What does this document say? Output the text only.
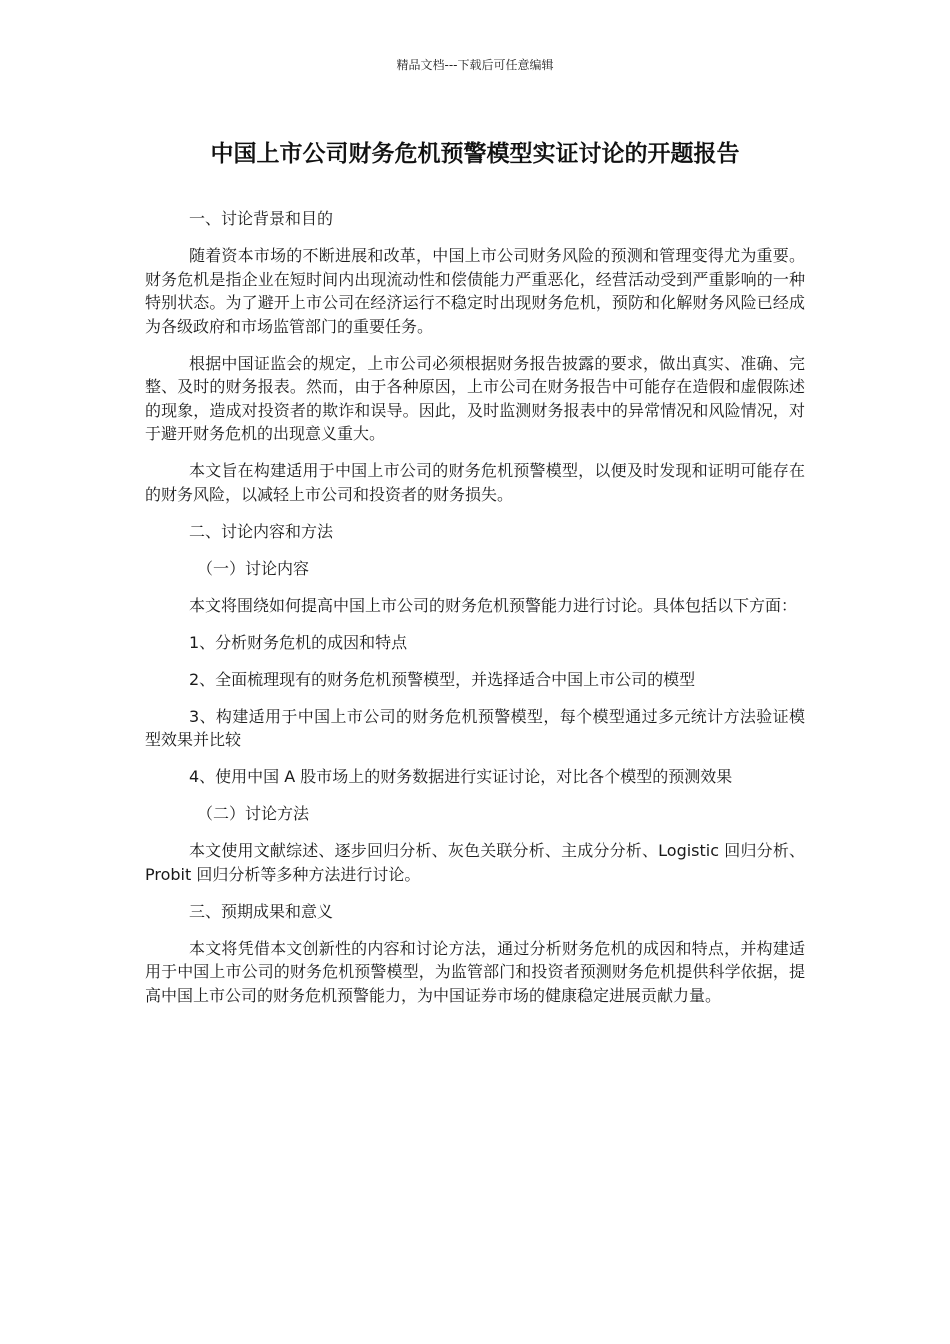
精品文档---下载后可任意编辑
中国上市公司财务危机预警模型实证讨论的开题报告

一、讨论背景和目的

随着资本市场的不断进展和改革，中国上市公司财务风险的预测和管理变得尤为重要。财务危机是指企业在短时间内出现流动性和偿债能力严重恶化，经营活动受到严重影响的一种特别状态。为了避开上市公司在经济运行不稳定时出现财务危机，预防和化解财务风险已经成为各级政府和市场监管部门的重要任务。

根据中国证监会的规定，上市公司必须根据财务报告披露的要求，做出真实、准确、完整、及时的财务报表。然而，由于各种原因，上市公司在财务报告中可能存在造假和虚假陈述的现象，造成对投资者的欺诈和误导。因此，及时监测财务报表中的异常情况和风险情况，对于避开财务危机的出现意义重大。

本文旨在构建适用于中国上市公司的财务危机预警模型，以便及时发现和证明可能存在的财务风险，以减轻上市公司和投资者的财务损失。

二、讨论内容和方法

（一）讨论内容

本文将围绕如何提高中国上市公司的财务危机预警能力进行讨论。具体包括以下方面：

1、分析财务危机的成因和特点

2、全面梳理现有的财务危机预警模型，并选择适合中国上市公司的模型

3、构建适用于中国上市公司的财务危机预警模型，每个模型通过多元统计方法验证模型效果并比较

4、使用中国 A 股市场上的财务数据进行实证讨论，对比各个模型的预测效果

（二）讨论方法

本文使用文献综述、逐步回归分析、灰色关联分析、主成分分析、Logistic 回归分析、Probit 回归分析等多种方法进行讨论。

三、预期成果和意义

本文将凭借本文创新性的内容和讨论方法，通过分析财务危机的成因和特点，并构建适用于中国上市公司的财务危机预警模型，为监管部门和投资者预测财务危机提供科学依据，提高中国上市公司的财务危机预警能力，为中国证券市场的健康稳定进展贡献力量。
